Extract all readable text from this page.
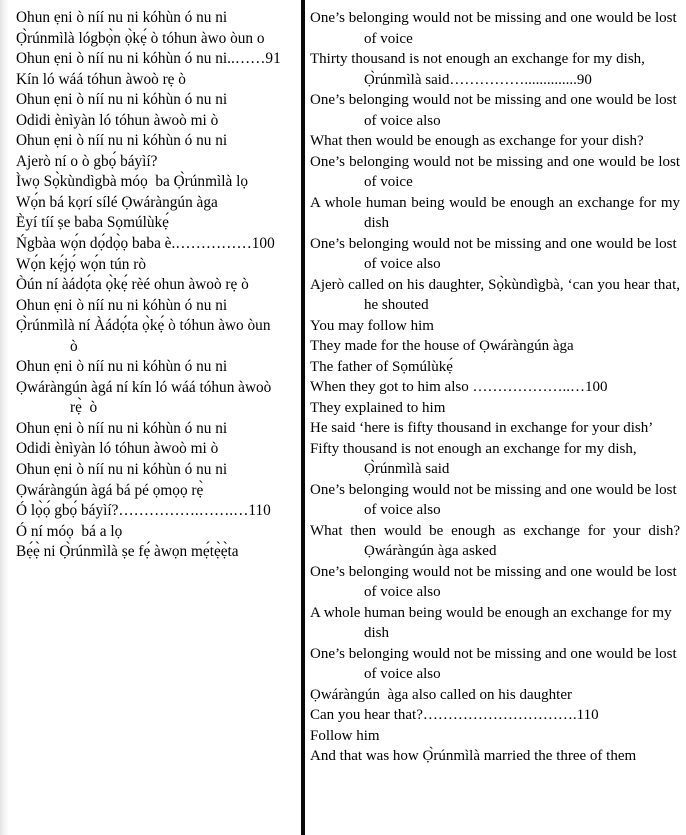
Ohun ẹni ò níí nu ni kóhùn ó nu ni
Ọ̀rúnmìlà lógbọ̀n ọ̀kẹ́ ò tóhun àwo òun o
Ohun ẹni ò níí nu ni kóhùn ó nu ni..……91
Kín ló wáá tóhun àwoò rẹ ò
Ohun ẹni ò níí nu ni kóhùn ó nu ni
Odidi ènìyàn ló tóhun àwoò mi ò
Ohun ẹni ò níí nu ni kóhùn ó nu ni
Ajerò ní o ò gbọ́ báyìí?
Ìwọ Sọ̀kùndìgbà móọ  ba Ọ̀rúnmìlà lọ
Wọ́n bá kọrí sílé Ọwáràngún àga
Èyí tíí ṣe baba Sọmúlùkẹ́
Ńgbàa wọ́n dọ́dọ̀ọ baba è.……………100
Wọ́n kẹ́jọ́ wọ́n tún rò
Òún ní àádọ́ta ọ̀kẹ́ rèé ohun àwoò rẹ ò
Ohun ẹni ò níí nu ni kóhùn ó nu ni
Ọ̀rúnmìlà ní Àádọ́ta ọ̀kẹ́ ò tóhun àwo òun
ò
Ohun ẹni ò níí nu ni kóhùn ó nu ni
Ọwáràngún àgá ní kín ló wáá tóhun àwoò
rẹ̀  ò
Ohun ẹni ò níí nu ni kóhùn ó nu ni
Odidi ènìyàn ló tóhun àwoò mi ò
Ohun ẹni ò níí nu ni kóhùn ó nu ni
Ọwáràngún àgá bá pé ọmọọ rẹ̀
Ó lọ̀ọ́ gbọ́ báyìí?…………….…….…110
Ó ní móọ  bá a lọ
Bẹ́ẹ̀ ni Ọ̀rúnmìlà ṣe fẹ́ àwọn mẹ́tẹ̀ẹ̀ta
One’s belonging would not be missing and one would be lost of voice
Thirty thousand is not enough an exchange for my dish, Ọ̀rúnmìlà said……………..............90
One’s belonging would not be missing and one would be lost of voice also
What then would be enough as exchange for your dish?
One’s belonging would not be missing and one would be lost of voice
A whole human being would be enough an exchange for my dish
One’s belonging would not be missing and one would be lost of voice also
Ajerò called on his daughter, Sọ̀kùndìgbà, ‘can you hear that, he shouted
You may follow him
They made for the house of Ọwáràngún àga
The father of Sọmúlùkẹ́
When they got to him also ………………..…100
They explained to him
He said ‘here is fifty thousand in exchange for your dish’
Fifty thousand is not enough an exchange for my dish, Ọ̀rúnmìlà said
One’s belonging would not be missing and one would be lost of voice also
What then would be enough as exchange for your dish? Ọwáràngún àga asked
One’s belonging would not be missing and one would be lost of voice also
A whole human being would be enough an exchange for my dish
One’s belonging would not be missing and one would be lost of voice also
Ọwáràngún  àga also called on his daughter
Can you hear that?………………………….110
Follow him
And that was how Ọ̀rúnmìlà married the three of them
